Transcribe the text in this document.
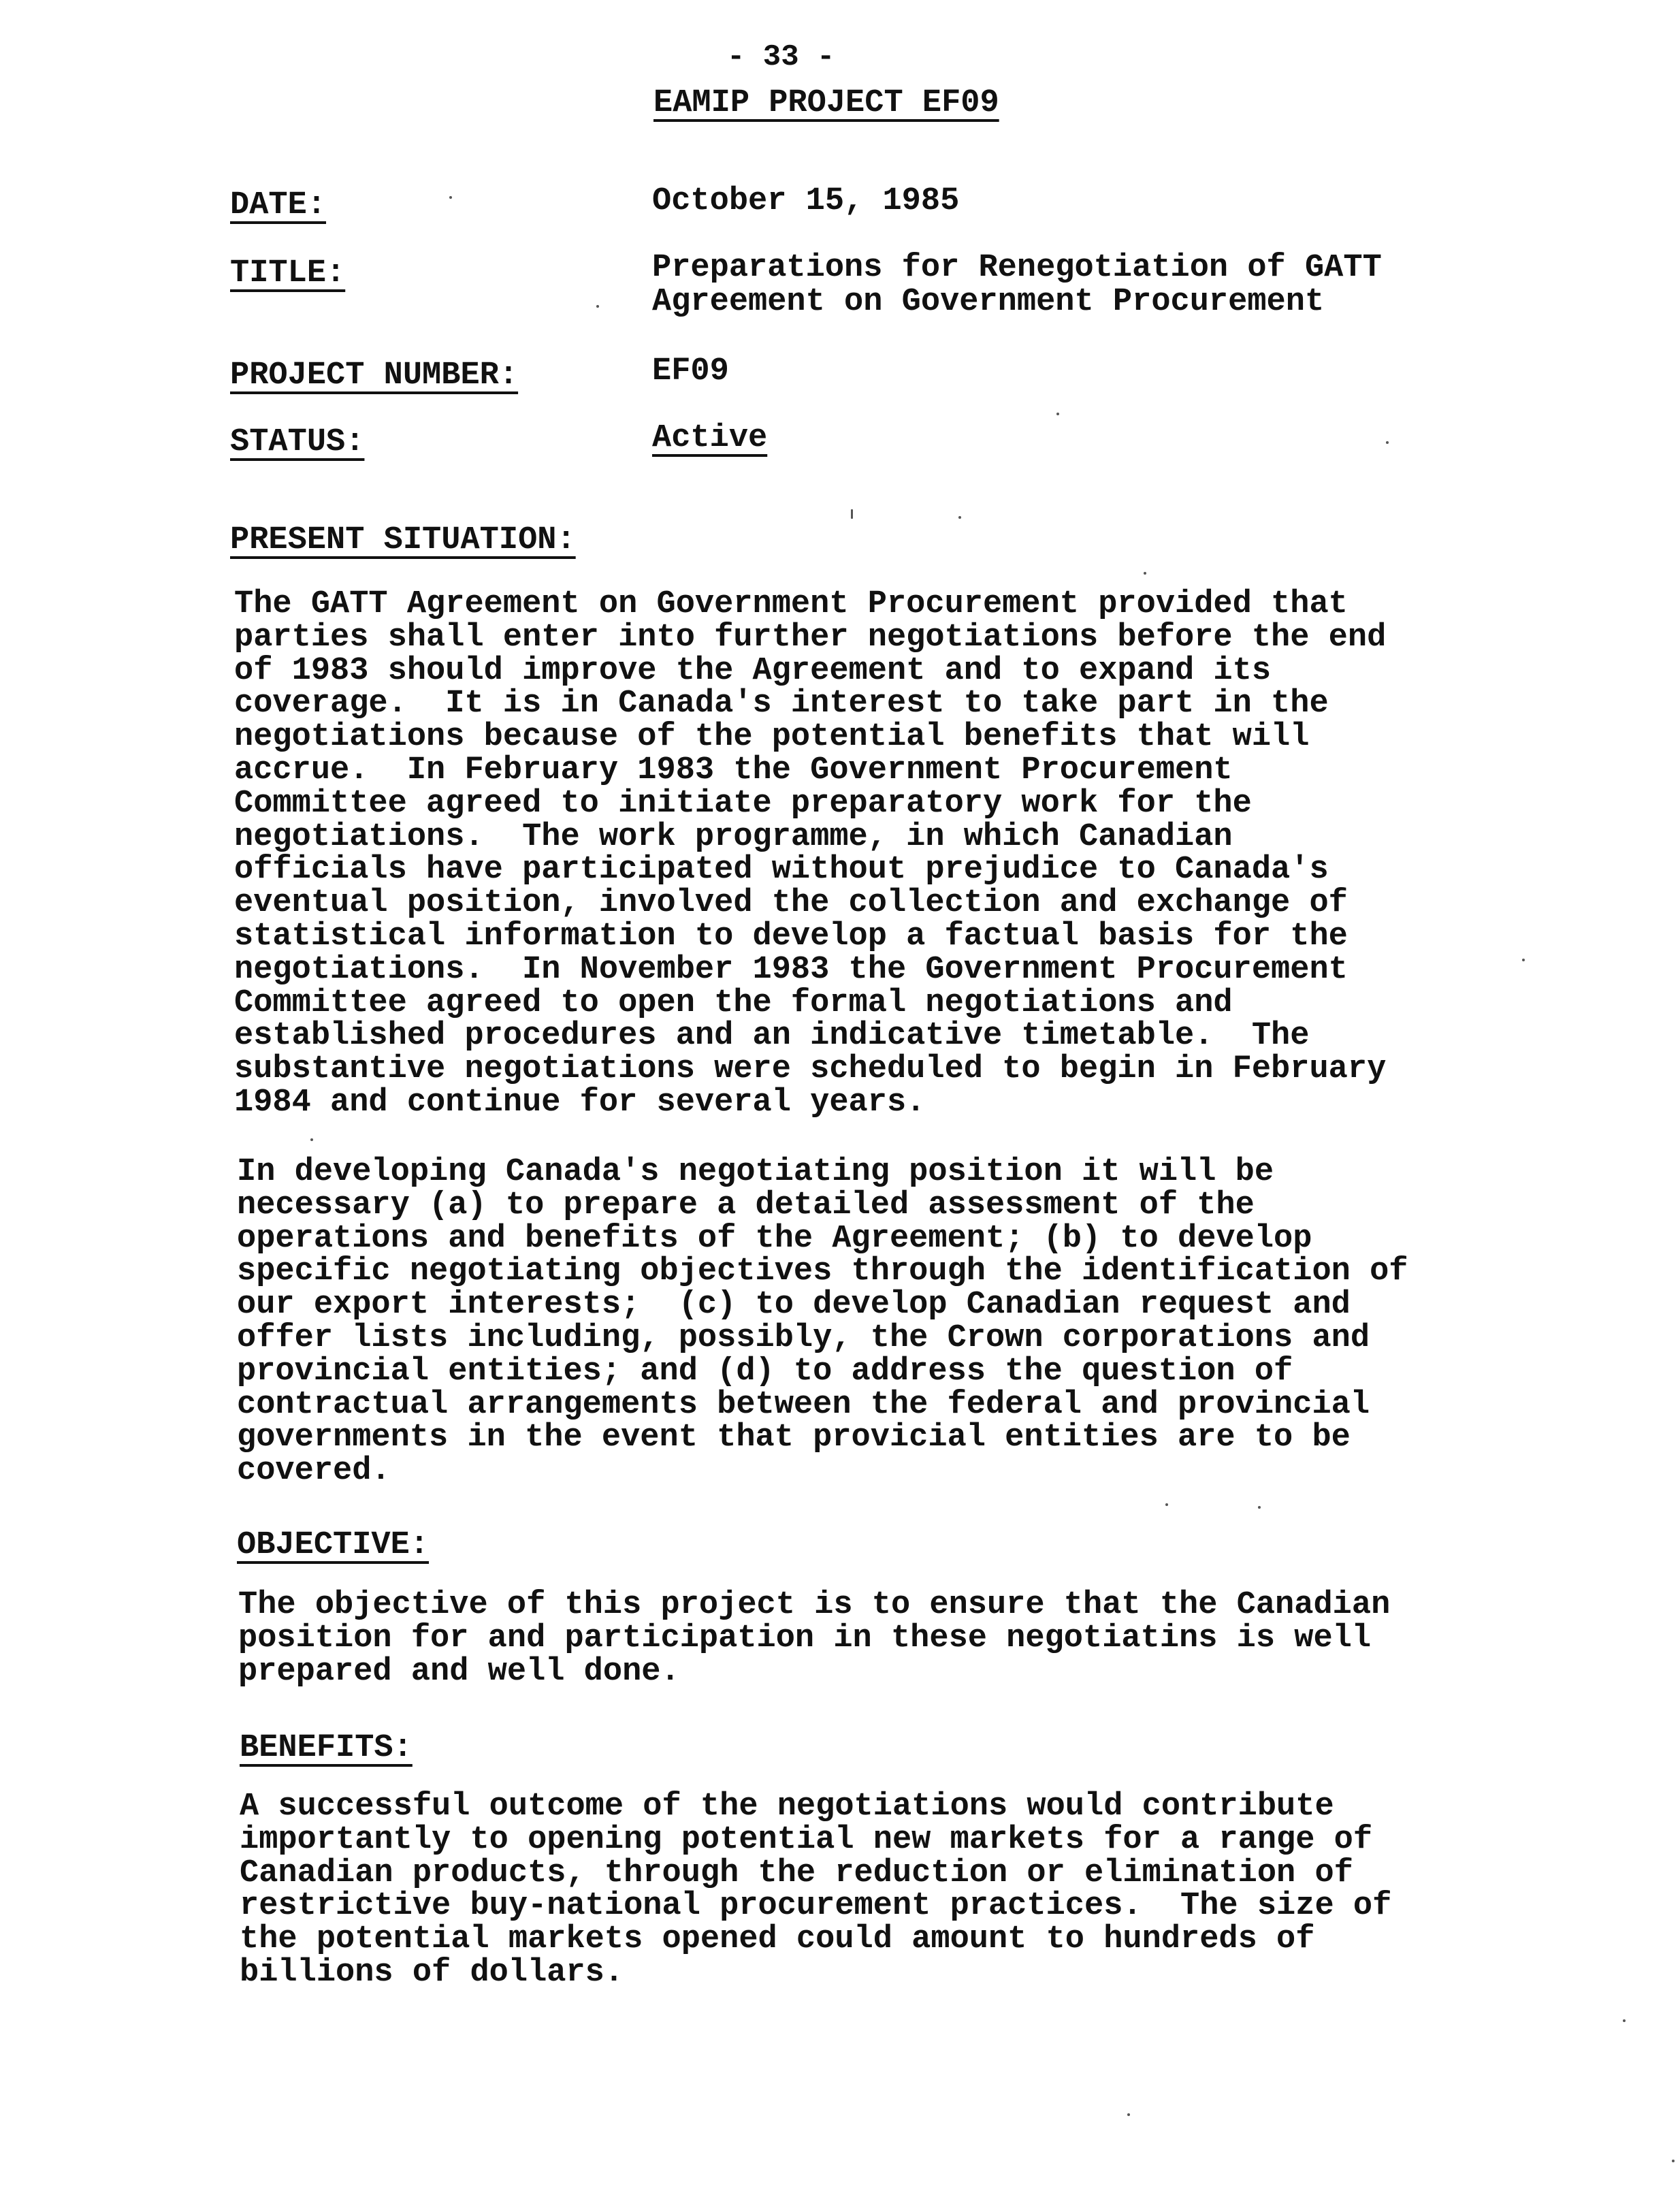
- 33 -
EAMIP PROJECT EF09
DATE:	October 15, 1985
TITLE:	Preparations for Renegotiation of GATT
Agreement on Government Procurement
PROJECT NUMBER:	EF09
STATUS:	Active
PRESENT SITUATION:
The GATT Agreement on Government Procurement provided that
parties shall enter into further negotiations before the end
of 1983 should improve the Agreement and to expand its
coverage.  It is in Canada's interest to take part in the
negotiations because of the potential benefits that will
accrue.  In February 1983 the Government Procurement
Committee agreed to initiate preparatory work for the
negotiations.  The work programme, in which Canadian
officials have participated without prejudice to Canada's
eventual position, involved the collection and exchange of
statistical information to develop a factual basis for the
negotiations.  In November 1983 the Government Procurement
Committee agreed to open the formal negotiations and
established procedures and an indicative timetable.  The
substantive negotiations were scheduled to begin in February
1984 and continue for several years.
In developing Canada's negotiating position it will be
necessary (a) to prepare a detailed assessment of the
operations and benefits of the Agreement; (b) to develop
specific negotiating objectives through the identification of
our export interests;  (c) to develop Canadian request and
offer lists including, possibly, the Crown corporations and
provincial entities; and (d) to address the question of
contractual arrangements between the federal and provincial
governments in the event that provicial entities are to be
covered.
OBJECTIVE:
The objective of this project is to ensure that the Canadian
position for and participation in these negotiatins is well
prepared and well done.
BENEFITS:
A successful outcome of the negotiations would contribute
importantly to opening potential new markets for a range of
Canadian products, through the reduction or elimination of
restrictive buy-national procurement practices.  The size of
the potential markets opened could amount to hundreds of
billions of dollars.
